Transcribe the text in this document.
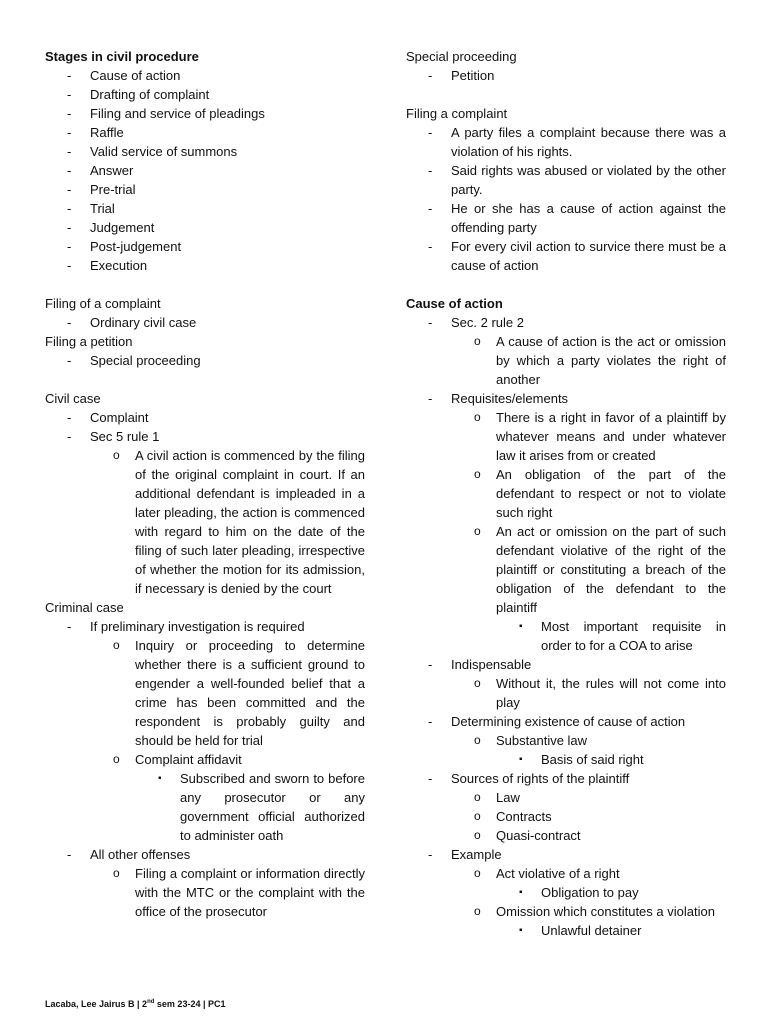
Stages in civil procedure
-	Cause of action
-	Drafting of complaint
-	Filing and service of pleadings
-	Raffle
-	Valid service of summons
-	Answer
-	Pre-trial
-	Trial
-	Judgement
-	Post-judgement
-	Execution
Filing of a complaint
-	Ordinary civil case
Filing a petition
-	Special proceeding
Civil case
-	Complaint
-	Sec 5 rule 1
o	A civil action is commenced by the filing of the original complaint in court. If an additional defendant is impleaded in a later pleading, the action is commenced with regard to him on the date of the filing of such later pleading, irrespective of whether the motion for its admission, if necessary is denied by the court
Criminal case
-	If preliminary investigation is required
o	Inquiry or proceeding to determine whether there is a sufficient ground to engender a well-founded belief that a crime has been committed and the respondent is probably guilty and should be held for trial
o	Complaint affidavit
▪	Subscribed and sworn to before any prosecutor or any government official authorized to administer oath
-	All other offenses
o	Filing a complaint or information directly with the MTC or the complaint with the office of the prosecutor
Special proceeding
-	Petition
Filing a complaint
-	A party files a complaint because there was a violation of his rights.
-	Said rights was abused or violated by the other party.
-	He or she has a cause of action against the offending party
-	For every civil action to survice there must be a cause of action
Cause of action
-	Sec. 2 rule 2
o	A cause of action is the act or omission by which a party violates the right of another
-	Requisites/elements
o	There is a right in favor of a plaintiff by whatever means and under whatever law it arises from or created
o	An obligation of the part of the defendant to respect or not to violate such right
o	An act or omission on the part of such defendant violative of the right of the plaintiff or constituting a breach of the obligation of the defendant to the plaintiff
▪	Most important requisite in order to for a COA to arise
-	Indispensable
o	Without it, the rules will not come into play
-	Determining existence of cause of action
o	Substantive law
▪	Basis of said right
-	Sources of rights of the plaintiff
o	Law
o	Contracts
o	Quasi-contract
-	Example
o	Act violative of a right
▪	Obligation to pay
o	Omission which constitutes a violation
▪	Unlawful detainer
Lacaba, Lee Jairus B | 2nd sem 23-24 | PC1
